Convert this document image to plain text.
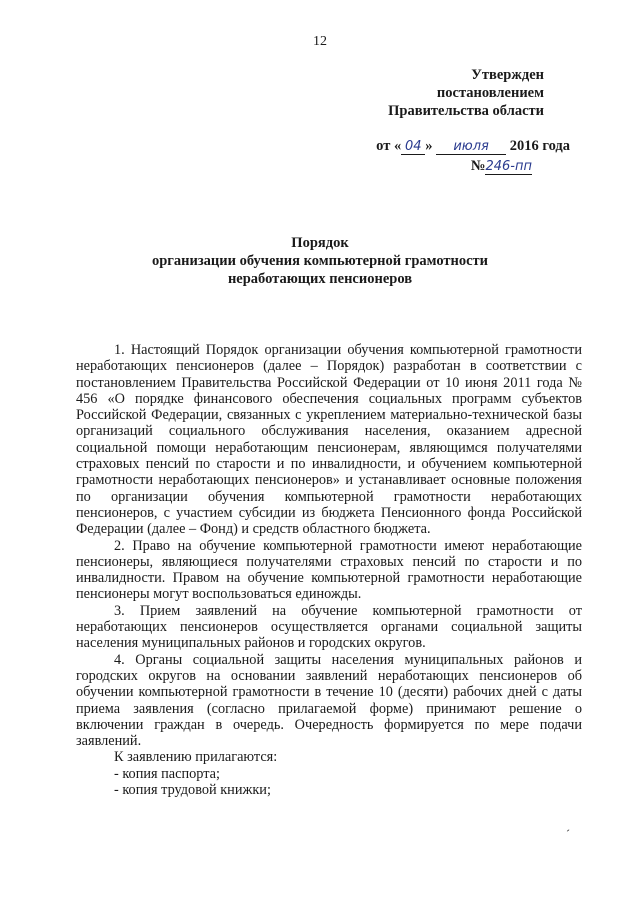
12
Утвержден
постановлением
Правительства области
от « 04 » июля 2016 года
№246-пп
Порядок
организации обучения компьютерной грамотности
неработающих пенсионеров

1. Настоящий Порядок организации обучения компьютерной грамотности неработающих пенсионеров (далее – Порядок) разработан в соответствии с постановлением Правительства Российской Федерации от 10 июня 2011 года № 456 «О порядке финансового обеспечения социальных программ субъектов Российской Федерации, связанных с укреплением материально-технической базы организаций социального обслуживания населения, оказанием адресной социальной помощи неработающим пенсионерам, являющимся получателями страховых пенсий по старости и по инвалидности, и обучением компьютерной грамотности неработающих пенсионеров» и устанавливает основные положения по организации обучения компьютерной грамотности неработающих пенсионеров, с участием субсидии из бюджета Пенсионного фонда Российской Федерации (далее – Фонд) и средств областного бюджета.

2. Право на обучение компьютерной грамотности имеют неработающие пенсионеры, являющиеся получателями страховых пенсий по старости и по инвалидности. Правом на обучение компьютерной грамотности неработающие пенсионеры могут воспользоваться единожды.

3. Прием заявлений на обучение компьютерной грамотности от неработающих пенсионеров осуществляется органами социальной защиты населения муниципальных районов и городских округов.

4. Органы социальной защиты населения муниципальных районов и городских округов на основании заявлений неработающих пенсионеров об обучении компьютерной грамотности в течение 10 (десяти) рабочих дней с даты приема заявления (согласно прилагаемой форме) принимают решение о включении граждан в очередь. Очередность формируется по мере подачи заявлений.

К заявлению прилагаются:

- копия паспорта;

- копия трудовой книжки;

´
